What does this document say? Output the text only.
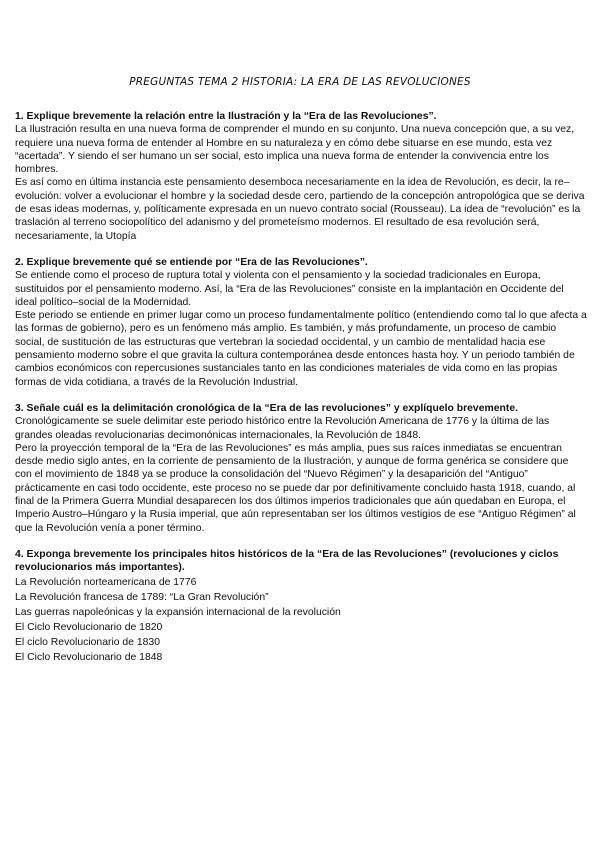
PREGUNTAS TEMA 2 HISTORIA: LA ERA DE LAS REVOLUCIONES

1. Explique brevemente la relación entre la Ilustración y la “Era de las Revoluciones”.

La Ilustración resulta en una nueva forma de comprender el mundo en su conjunto. Una nueva concepción que, a su vez, requiere una nueva forma de entender al Hombre en su naturaleza y en cómo debe situarse en ese mundo, esta vez “acertada”. Y siendo el ser humano un ser social, esto implica una nueva forma de entender la convivencia entre los hombres.

Es así como en última instancia este pensamiento desemboca necesariamente en la idea de Revolución, es decir, la re–evolución: volver a evolucionar el hombre y la sociedad desde cero, partiendo de la concepción antropológica que se deriva de esas ideas modernas, y, políticamente expresada en un nuevo contrato social (Rousseau). La idea de “revolución” es la traslación al terreno sociopolítico del adanismo y del prometeísmo modernos. El resultado de esa revolución será, necesariamente, la Utopía

2. Explique brevemente qué se entiende por “Era de las Revoluciones”.

Se entiende como el proceso de ruptura total y violenta con el pensamiento y la sociedad tradicionales en Europa, sustituidos por el pensamiento moderno. Así, la “Era de las Revoluciones” consiste en la implantación en Occidente del ideal político–social de la Modernidad.

Este periodo se entiende en primer lugar como un proceso fundamentalmente político (entendiendo como tal lo que afecta a las formas de gobierno), pero es un fenómeno más amplio. Es también, y más profundamente, un proceso de cambio social, de sustitución de las estructuras que vertebran la sociedad occidental, y un cambio de mentalidad hacia ese pensamiento moderno sobre el que gravita la cultura contemporánea desde entonces hasta hoy. Y un periodo también de cambios económicos con repercusiones sustanciales tanto en las condiciones materiales de vida como en las propias formas de vida cotidiana, a través de la Revolución Industrial.

3. Señale cuál es la delimitación cronológica de la “Era de las revoluciones” y explíquelo brevemente.

Cronológicamente se suele delimitar este periodo histórico entre la Revolución Americana de 1776 y la última de las grandes oleadas revolucionarias decimonónicas internacionales, la Revolución de 1848.

Pero la proyección temporal de la “Era de las Revoluciones” es más amplia, pues sus raíces inmediatas se encuentran desde medio siglo antes, en la corriente de pensamiento de la Ilustración, y aunque de forma genérica se considere que con el movimiento de 1848 ya se produce la consolidación del “Nuevo Régimen” y la desaparición del “Antiguo” prácticamente en casi todo occidente, este proceso no se puede dar por definitivamente concluido hasta 1918, cuando, al final de la Primera Guerra Mundial desaparecen los dos últimos imperios tradicionales que aún quedaban en Europa, el Imperio Austro–Húngaro y la Rusia imperial, que aún representaban ser los últimos vestigios de ese “Antiguo Régimen” al que la Revolución venía a poner término.

4. Exponga brevemente los principales hitos históricos de la “Era de las Revoluciones” (revoluciones y ciclos revolucionarios más importantes).

La Revolución norteamericana de 1776
La Revolución francesa de 1789: “La Gran Revolución”
Las guerras napoleónicas y la expansión internacional de la revolución
El Ciclo Revolucionario de 1820
El ciclo Revolucionario de 1830
El Ciclo Revolucionario de 1848
